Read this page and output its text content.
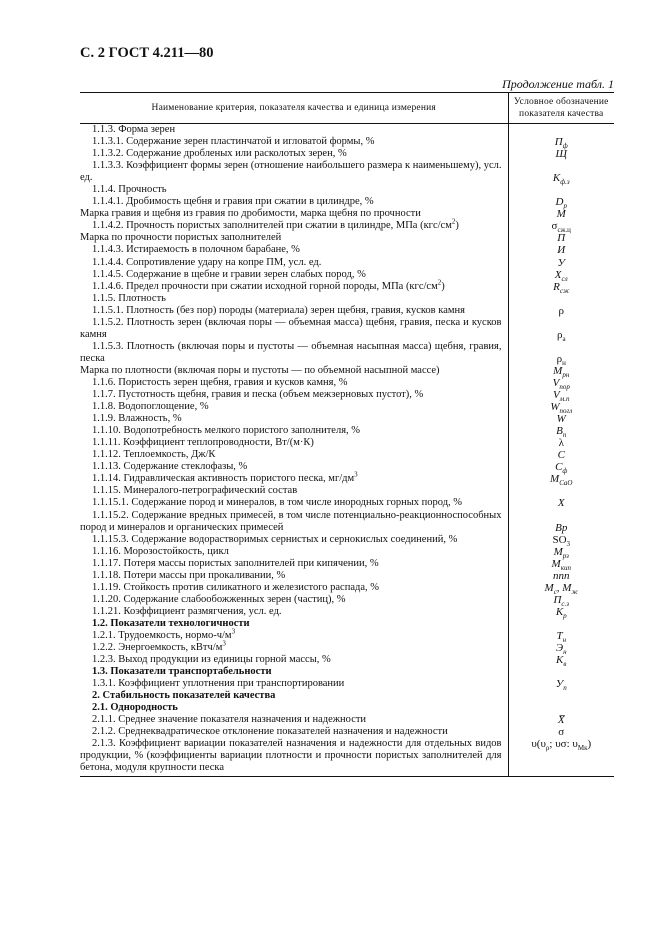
С. 2 ГОСТ 4.211—80
Продолжение табл. 1
Наименование критерия, показателя качества и единица измерения	Условное обозначение показателя качества
1.1.3. Форма зерен	
1.1.3.1. Содержание зерен пластинчатой и игловатой формы, %	$П_ф$
1.1.3.2. Содержание дробленых или расколотых зерен, %	Щ
1.1.3.3. Коэффициент формы зерен (отношение наибольшего размера к наименьшему), усл. ед.	$K_{ф.з}$
1.1.4. Прочность	
1.1.4.1. Дробимость щебня и гравия при сжатии в цилиндре, %	$D_р$
Марка гравия и щебня из гравия по дробимости, марка щебня по прочности	М
1.1.4.2. Прочность пористых заполнителей при сжатии в цилиндре, МПа $(кгс/см^2)$	$\sigma_{сж.ц}$
Марка по прочности пористых заполнителей	П
1.1.4.3. Истираемость в полочном барабане, %	И
1.1.4.4. Сопротивление удару на копре ПМ, усл. ед.	У
1.1.4.5. Содержание в щебне и гравии зерен слабых пород, %	$X_{сл}$
1.1.4.6. Предел прочности при сжатии исходной горной породы, МПа $(кгс/см^2)$	$R_{сж}$
1.1.5. Плотность	
1.1.5.1. Плотность (без пор) породы (материала) зерен щебня, гравия, кусков камня	ρ
1.1.5.2. Плотность зерен (включая поры — объемная масса) щебня, гравия, песка и кусков камня	$\rho_а$
1.1.5.3. Плотность (включая поры и пустоты — объемная насыпная масса) щебня, гравия, песка	$\rho_н$
Марка по плотности (включая поры и пустоты — по объемной насыпной массе)	$М_{рн}$
1.1.6. Пористость зерен щебня, гравия и кусков камня, %	$V_{пор}$
1.1.7. Пустотность щебня, гравия и песка (объем межзерновых пустот), %	$V_{м.п}$
1.1.8. Водопоглощение, %	$W_{погл}$
1.1.9. Влажность, %	W
1.1.10. Водопотребность мелкого пористого заполнителя, %	$B_п$
1.1.11. Коэффициент теплопроводности, Вт/(м·К)	λ
1.1.12. Теплоемкость, Дж/К	C
1.1.13. Содержание стеклофазы, %	$C_ф$
1.1.14. Гидравлическая активность пористого песка, $мг/дм^3$	$M_{CaO}$
1.1.15. Минералого-петрографический состав	
1.1.15.1. Содержание пород и минералов, в том числе инородных горных пород, %	X
1.1.15.2. Содержание вредных примесей, в том числе потенциально-реакционноспособных пород и минералов и органических примесей	Вр
1.1.15.3. Содержание водорастворимых сернистых и сернокислых соединений, %	$SO_3$
1.1.16. Морозостойкость, цикл	$M_{рз}$
1.1.17. Потеря массы пористых заполнителей при кипячении, %	$M_{кип}$
1.1.18. Потери массы при прокаливании, %	ппп
1.1.19. Стойкость против силикатного и железистого распада, %	$M_с$, $M_ж$
1.1.20. Содержание слабообожженных зерен (частиц), %	$П_{с.з}$
1.1.21. Коэффициент размягчения, усл. ед.	$K_р$
1.2. Показатели технологичности	
1.2.1. Трудоемкость, нормо-$ч/м^3$	$T_н$
1.2.2. Энергоемкость, кВтч/$м^3$	$Э_н$
1.2.3. Выход продукции из единицы горной массы, %	$K_в$
1.3. Показатели транспортабельности	
1.3.1. Коэффициент уплотнения при транспортировании	$У_п$
2. Стабильность показателей качества	
2.1. Однородность	
2.1.1. Среднее значение показателя назначения и надежности	X̅
2.1.2. Среднеквадратическое отклонение показателей назначения и надежности	σ
2.1.3. Коэффициент вариации показателей назначения и надежности для отдельных видов продукции, % (коэффициенты вариации плотности и прочности пористых заполнителей для бетона, модуля крупности песка	$\upsilon(\upsilon_\rho$; υσ: $\upsilon_{Мк}$)
